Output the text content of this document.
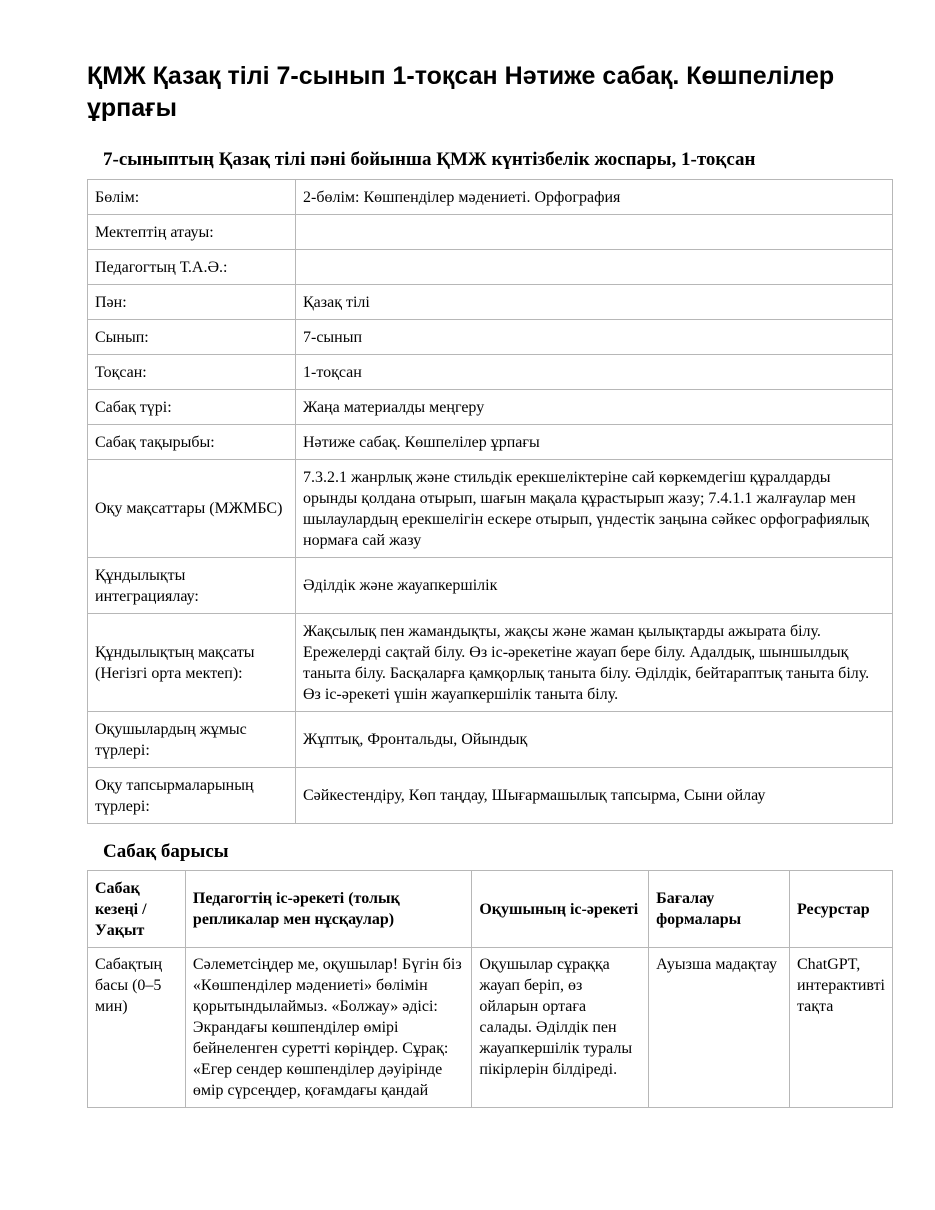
ҚМЖ Қазақ тілі 7-сынып 1-тоқсан Нәтиже сабақ. Көшпелілер ұрпағы
7-сыныптың Қазақ тілі пәні бойынша ҚМЖ күнтізбелік жоспары, 1-тоқсан
Бөлім:	2-бөлім: Көшпенділер мәдениеті. Орфография
Мектептің атауы:	
Педагогтың Т.А.Ә.:	
Пән:	Қазақ тілі
Сынып:	7-сынып
Тоқсан:	1-тоқсан
Сабақ түрі:	Жаңа материалды меңгеру
Сабақ тақырыбы:	Нәтиже сабақ. Көшпелілер ұрпағы
Оқу мақсаттары (МЖМБС)	7.3.2.1 жанрлық және стильдік ерекшеліктеріне сай көркемдегіш құралдарды орынды қолдана отырып, шағын мақала құрастырып жазу; 7.4.1.1 жалғаулар мен шылаулардың ерекшелігін ескере отырып, үндестік заңына сәйкес орфографиялық нормаға сай жазу
Құндылықты интеграциялау:	Әділдік және жауапкершілік
Құндылықтың мақсаты (Негізгі орта мектеп):	Жақсылық пен жамандықты, жақсы және жаман қылықтарды ажырата білу. Ережелерді сақтай білу. Өз іс-әрекетіне жауап бере білу. Адалдық, шыншылдық таныта білу. Басқаларға қамқорлық таныта білу. Әділдік, бейтараптық таныта білу. Өз іс-әрекеті үшін жауапкершілік таныта білу.
Оқушылардың жұмыс түрлері:	Жұптық, Фронтальды, Ойындық
Оқу тапсырмаларының түрлері:	Сәйкестендіру, Көп таңдау, Шығармашылық тапсырма, Сыни ойлау
Сабақ барысы
Сабақ кезеңі / Уақыт	Педагогтің іс-әрекеті (толық репликалар мен нұсқаулар)	Оқушының іс-әрекеті	Бағалау формалары	Ресурстар
Сабақтың басы (0–5 мин)	Сәлеметсіңдер ме, оқушылар! Бүгін біз «Көшпенділер мәдениеті» бөлімін қорытындылаймыз. «Болжау» әдісі: Экрандағы көшпенділер өмірі бейнеленген суретті көріңдер. Сұрақ: «Егер сендер көшпенділер дәуірінде өмір сүрсеңдер, қоғамдағы қандай	Оқушылар сұраққа жауап беріп, өз ойларын ортаға салады. Әділдік пен жауапкершілік туралы пікірлерін білдіреді.	Ауызша мадақтау	ChatGPT, интерактивті тақта
